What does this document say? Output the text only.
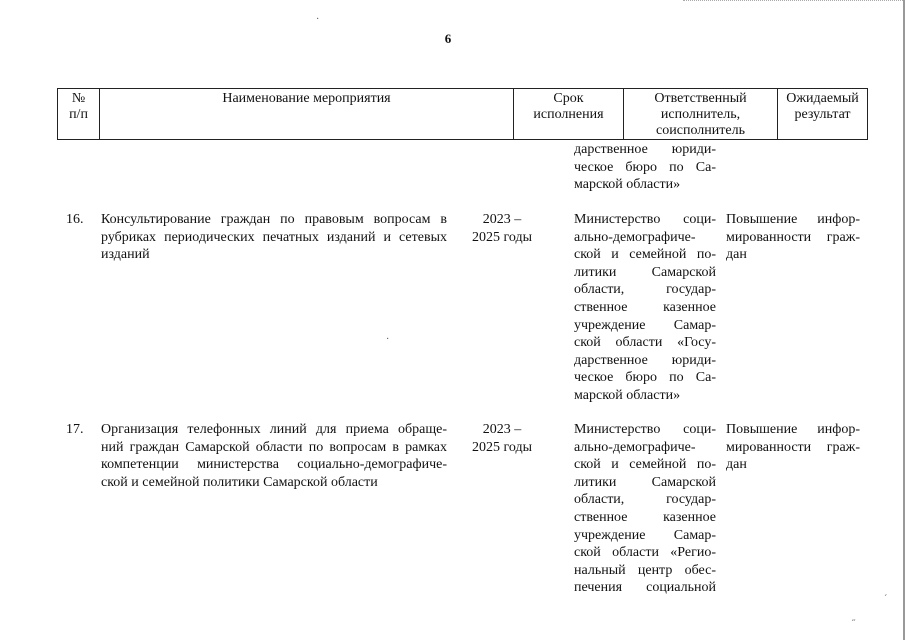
6
№
п/п
Наименование мероприятия	Срок
исполнения
Ответственный
исполнитель,
соисполнитель
Ожидаемый
результат
дарственное юриди-
ческое бюро по Са-
марской области»
16. Консультирование граждан по правовым вопросам в
рубриках периодических печатных изданий и сетевых
изданий
2023 –
2025 годы
Министерство соци-
ально-демографиче-
ской и семейной по-
литики Самарской
области, государ-
ственное казенное
учреждение Самар-
ской области «Госу-
дарственное юриди-
ческое бюро по Са-
марской области»
Повышение инфор-
мированности граж-
дан
17. Организация телефонных линий для приема обраще-
ний граждан Самарской области по вопросам в рамках
компетенции министерства социально-демографиче-
ской и семейной политики Самарской области
2023 –
2025 годы
Министерство соци-
ально-демографиче-
ской и семейной по-
литики Самарской
области, государ-
ственное казенное
учреждение Самар-
ской области «Регио-
нальный центр обес-
печения социальной
Повышение инфор-
мированности граж-
дан
·
·
´
˶
